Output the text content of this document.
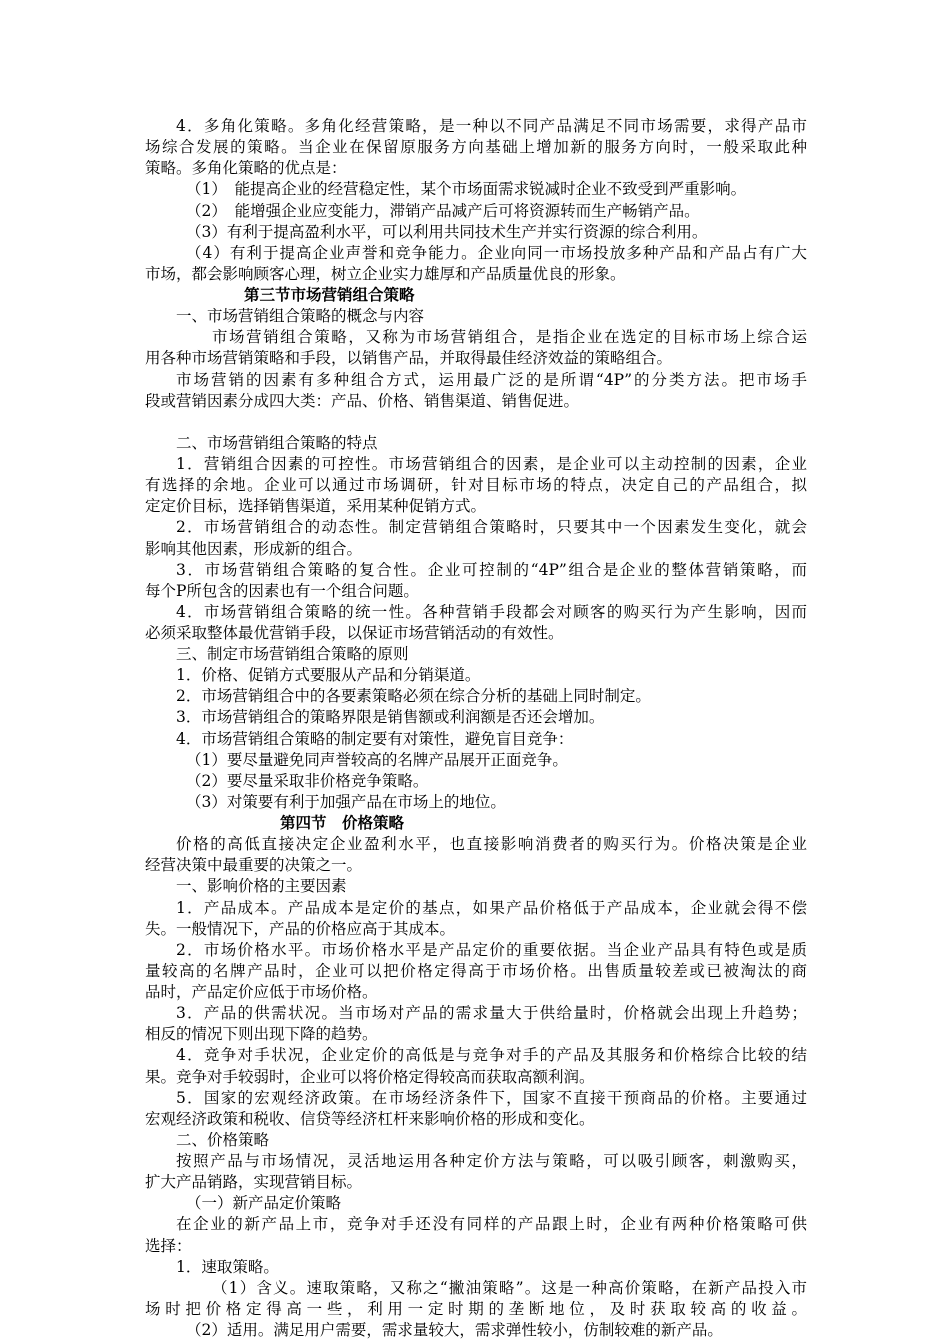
4．多角化策略。多角化经营策略，是一种以不同产品满足不同市场需要，求得产品市
场综合发展的策略。当企业在保留原服务方向基础上增加新的服务方向时，一般采取此种
策略。多角化策略的优点是：
（1）　能提高企业的经营稳定性，某个市场面需求锐减时企业不致受到严重影响。
（2）　能增强企业应变能力，滞销产品减产后可将资源转而生产畅销产品。
（3）有利于提高盈利水平，可以利用共同技术生产并实行资源的综合利用。
（4）有利于提高企业声誉和竞争能力。企业向同一市场投放多种产品和产品占有广大
市场，都会影响顾客心理，树立企业实力雄厚和产品质量优良的形象。
第三节市场营销组合策略
一、市场营销组合策略的概念与内容
市场营销组合策略，又称为市场营销组合，是指企业在选定的目标市场上综合运
用各种市场营销策略和手段，以销售产品，并取得最佳经济效益的策略组合。
市场营销的因素有多种组合方式，运用最广泛的是所谓“4P”的分类方法。把市场手
段或营销因素分成四大类：产品、价格、销售渠道、销售促进。
二、市场营销组合策略的特点
1．营销组合因素的可控性。市场营销组合的因素，是企业可以主动控制的因素，企业
有选择的余地。企业可以通过市场调研，针对目标市场的特点，决定自己的产品组合，拟
定定价目标，选择销售渠道，采用某种促销方式。
2．市场营销组合的动态性。制定营销组合策略时，只要其中一个因素发生变化，就会
影响其他因素，形成新的组合。
3．市场营销组合策略的复合性。企业可控制的“4P”组合是企业的整体营销策略，而
每个P所包含的因素也有一个组合问题。
4．市场营销组合策略的统一性。各种营销手段都会对顾客的购买行为产生影响，因而
必须采取整体最优营销手段，以保证市场营销活动的有效性。
三、制定市场营销组合策略的原则
1．价格、促销方式要服从产品和分销渠道。
2．市场营销组合中的各要素策略必须在综合分析的基础上同时制定。
3．市场营销组合的策略界限是销售额或利润额是否还会增加。
4．市场营销组合策略的制定要有对策性，避免盲目竞争：
（1）要尽量避免同声誉较高的名牌产品展开正面竞争。
（2）要尽量采取非价格竞争策略。
（3）对策要有利于加强产品在市场上的地位。
第四节　价格策略
价格的高低直接决定企业盈利水平，也直接影响消费者的购买行为。价格决策是企业
经营决策中最重要的决策之一。
一、影响价格的主要因素
1．产品成本。产品成本是定价的基点，如果产品价格低于产品成本，企业就会得不偿
失。一般情况下，产品的价格应高于其成本。
2．市场价格水平。市场价格水平是产品定价的重要依据。当企业产品具有特色或是质
量较高的名牌产品时，企业可以把价格定得高于市场价格。出售质量较差或已被淘汰的商
品时，产品定价应低于市场价格。
3．产品的供需状况。当市场对产品的需求量大于供给量时，价格就会出现上升趋势；
相反的情况下则出现下降的趋势。
4．竞争对手状况，企业定价的高低是与竞争对手的产品及其服务和价格综合比较的结
果。竞争对手较弱时，企业可以将价格定得较高而获取高额利润。
5．国家的宏观经济政策。在市场经济条件下，国家不直接干预商品的价格。主要通过
宏观经济政策和税收、信贷等经济杠杆来影响价格的形成和变化。
二、价格策略
按照产品与市场情况，灵活地运用各种定价方法与策略，可以吸引顾客，刺激购买，
扩大产品销路，实现营销目标。
（一）新产品定价策略
在企业的新产品上市，竞争对手还没有同样的产品跟上时，企业有两种价格策略可供
选择：
1．速取策略。
（1）含义。速取策略，又称之“撇油策略”。这是一种高价策略，在新产品投入市
场时把价格定得高一些，利用一定时期的垄断地位，及时获取较高的收益。
（2）适用。满足用户需要，需求量较大，需求弹性较小，仿制较难的新产品。
